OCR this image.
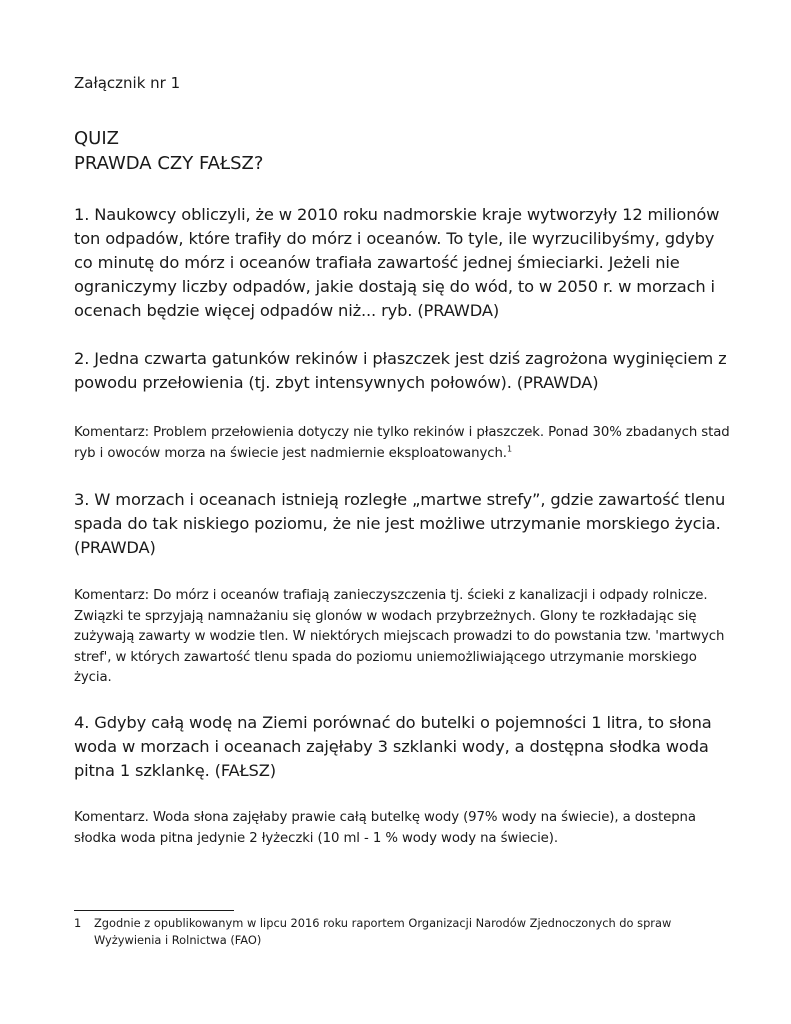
Załącznik nr 1
QUIZ
PRAWDA CZY FAŁSZ?
1. Naukowcy obliczyli, że w 2010 roku nadmorskie kraje wytworzyły 12 milionów ton odpadów, które trafiły do mórz i oceanów. To tyle, ile wyrzucilibyśmy, gdyby co minutę do mórz i oceanów trafiała zawartość jednej śmieciarki. Jeżeli nie ograniczymy liczby odpadów, jakie dostają się do wód, to w 2050 r. w morzach i ocenach będzie więcej odpadów niż... ryb. (PRAWDA)
2. Jedna czwarta gatunków rekinów i płaszczek jest dziś zagrożona wyginięciem z powodu przełowienia (tj. zbyt intensywnych połowów). (PRAWDA)
Komentarz: Problem przełowienia dotyczy nie tylko rekinów i płaszczek. Ponad 30% zbadanych stad ryb i owoców morza na świecie jest nadmiernie eksploatowanych.$^1$
3. W morzach i oceanach istnieją rozległe „martwe strefy”, gdzie zawartość tlenu spada do tak niskiego poziomu, że nie jest możliwe utrzymanie morskiego życia. (PRAWDA)
Komentarz: Do mórz i oceanów trafiają zanieczyszczenia tj. ścieki z kanalizacji i odpady rolnicze. Związki te sprzyjają namnażaniu się glonów w wodach przybrzeżnych. Glony te rozkładając się zużywają zawarty w wodzie tlen. W niektórych miejscach prowadzi to do powstania tzw. 'martwych stref', w których zawartość tlenu spada do poziomu uniemożliwiającego utrzymanie morskiego życia.
4. Gdyby całą wodę na Ziemi porównać do butelki o pojemności 1 litra, to słona woda w morzach i oceanach zajęłaby 3 szklanki wody, a dostępna słodka woda pitna 1 szklankę. (FAŁSZ)
Komentarz. Woda słona zajęłaby prawie całą butelkę wody (97% wody na świecie), a dostepna słodka woda pitna jedynie 2 łyżeczki (10 ml - 1 % wody wody na świecie).
1 Zgodnie z opublikowanym w lipcu 2016 roku raportem Organizacji Narodów Zjednoczonych do spraw Wyżywienia i Rolnictwa (FAO)
